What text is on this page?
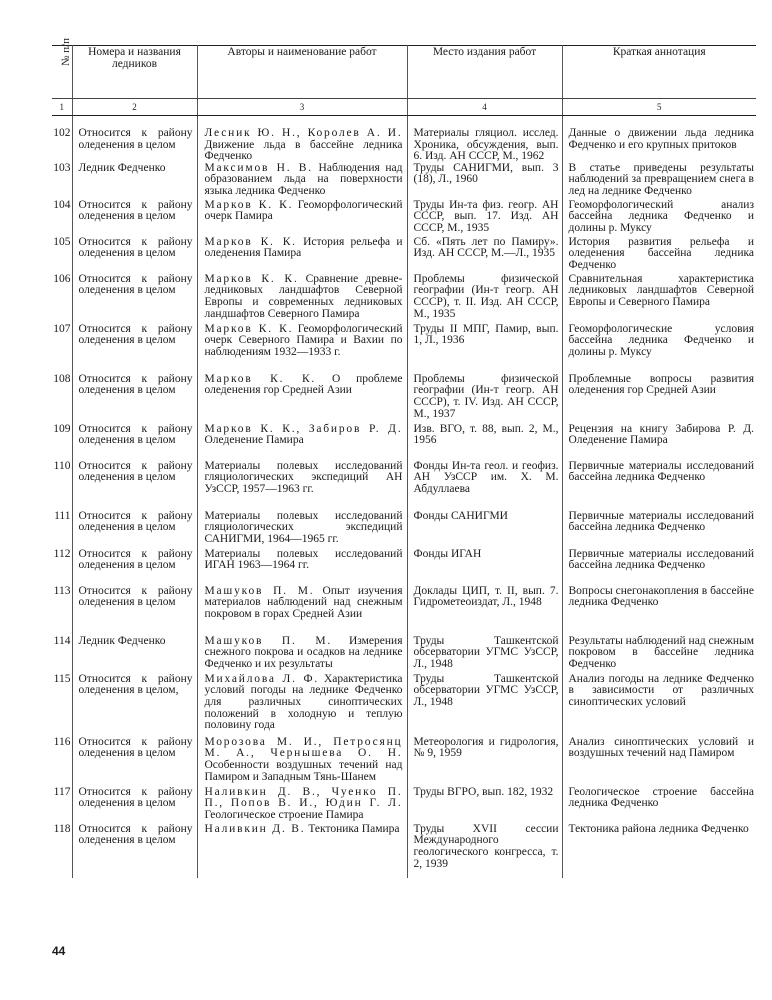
№ п/п	Номера и названия ледников	Авторы и наименование работ	Место издания работ	Краткая аннотация
1	2	3	4	5
102	Относится к району оледенения в целом	Лесник Ю. Н., Королев А. И. Движение льда в бассейне ледника Федченко	Материалы гляциол. исслед. Хроника, обсуждения, вып. 6. Изд. АН СССР, М., 1962	Данные о движении льда ледника Федченко и его крупных притоков
103	Ледник Федченко	Максимов Н. В. Наблюдения над образованием льда на поверхности языка ледника Федченко	Труды САНИГМИ, вып. 3 (18), Л., 1960	В статье приведены результаты наблюдений за превращением снега в лед на леднике Федченко
104	Относится к району оледенения в целом	Марков К. К. Геоморфологический очерк Памира	Труды Ин-та физ. геогр. АН СССР, вып. 17. Изд. АН СССР, М., 1935	Геоморфологический анализ бассейна ледника Федченко и долины р. Муксу
105	Относится к району оледенения в целом	Марков К. К. История рельефа и оледенения Памира	Сб. «Пять лет по Памиру». Изд. АН СССР, М.—Л., 1935	История развития рельефа и оледенения бассейна ледника Федченко
106	Относится к району оледенения в целом	Марков К. К. Сравнение древне-ледниковых ландшафтов Северной Европы и современных ледниковых ландшафтов Северного Памира	Проблемы физической географии (Ин-т геогр. АН СССР), т. II. Изд. АН СССР, М., 1935	Сравнительная характеристика ледниковых ландшафтов Северной Европы и Северного Памира
107	Относится к району оледенения в целом	Марков К. К. Геоморфологический очерк Северного Памира и Вахии по наблюдениям 1932—1933 г.	Труды II МПГ, Памир, вып. 1, Л., 1936	Геоморфологические условия бассейна ледника Федченко и долины р. Муксу
108	Относится к району оледенения в целом	Марков К. К. О проблеме оледенения гор Средней Азии	Проблемы физической географии (Ин-т геогр. АН СССР), т. IV. Изд. АН СССР, М., 1937	Проблемные вопросы развития оледенения гор Средней Азии
109	Относится к району оледенения в целом	Марков К. К., Забиров Р. Д. Оледенение Памира	Изв. ВГО, т. 88, вып. 2, М., 1956	Рецензия на книгу Забирова Р. Д. Оледенение Памира
110	Относится к району оледенения в целом	Материалы полевых исследований гляциологических экспедиций АН УзССР, 1957—1963 гг.	Фонды Ин-та геол. и геофиз. АН УзССР им. Х. М. Абдуллаева	Первичные материалы исследований бассейна ледника Федченко
111	Относится к району оледенения в целом	Материалы полевых исследований гляциологических экспедиций САНИГМИ, 1964—1965 гг.	Фонды САНИГМИ	Первичные материалы исследований бассейна ледника Федченко
112	Относится к району оледенения в целом	Материалы полевых исследований ИГАН 1963—1964 гг.	Фонды ИГАН	Первичные материалы исследований бассейна ледника Федченко
113	Относится к району оледенения в целом	Машуков П. М. Опыт изучения материалов наблюдений над снежным покровом в горах Средней Азии	Доклады ЦИП, т. II, вып. 7. Гидрометеоиздат, Л., 1948	Вопросы снегонакопления в бассейне ледника Федченко
114	Ледник Федченко	Машуков П. М. Измерения снежного покрова и осадков на леднике Федченко и их результаты	Труды Ташкентской обсерватории УГМС УзССР, Л., 1948	Результаты наблюдений над снежным покровом в бассейне ледника Федченко
115	Относится к району оледенения в целом,	Михайлова Л. Ф. Характеристика условий погоды на леднике Федченко для различных синоптических положений в холодную и теплую половину года	Труды Ташкентской обсерватории УГМС УзССР, Л., 1948	Анализ погоды на леднике Федченко в зависимости от различных синоптических условий
116	Относится к району оледенения в целом	Морозова М. И., Петросянц М. А., Чернышева О. Н. Особенности воздушных течений над Памиром и Западным Тянь-Шанем	Метеорология и гидрология, № 9, 1959	Анализ синоптических условий и воздушных течений над Памиром
117	Относится к району оледенения в целом	Наливкин Д. В., Чуенко П. П., Попов В. И., Юдин Г. Л. Геологическое строение Памира	Труды ВГРО, вып. 182, 1932	Геологическое строение бассейна ледника Федченко
118	Относится к району оледенения в целом	Наливкин Д. В. Тектоника Памира	Труды XVII сессии Международного геологического конгресса, т. 2, 1939	Тектоника района ледника Федченко
44
